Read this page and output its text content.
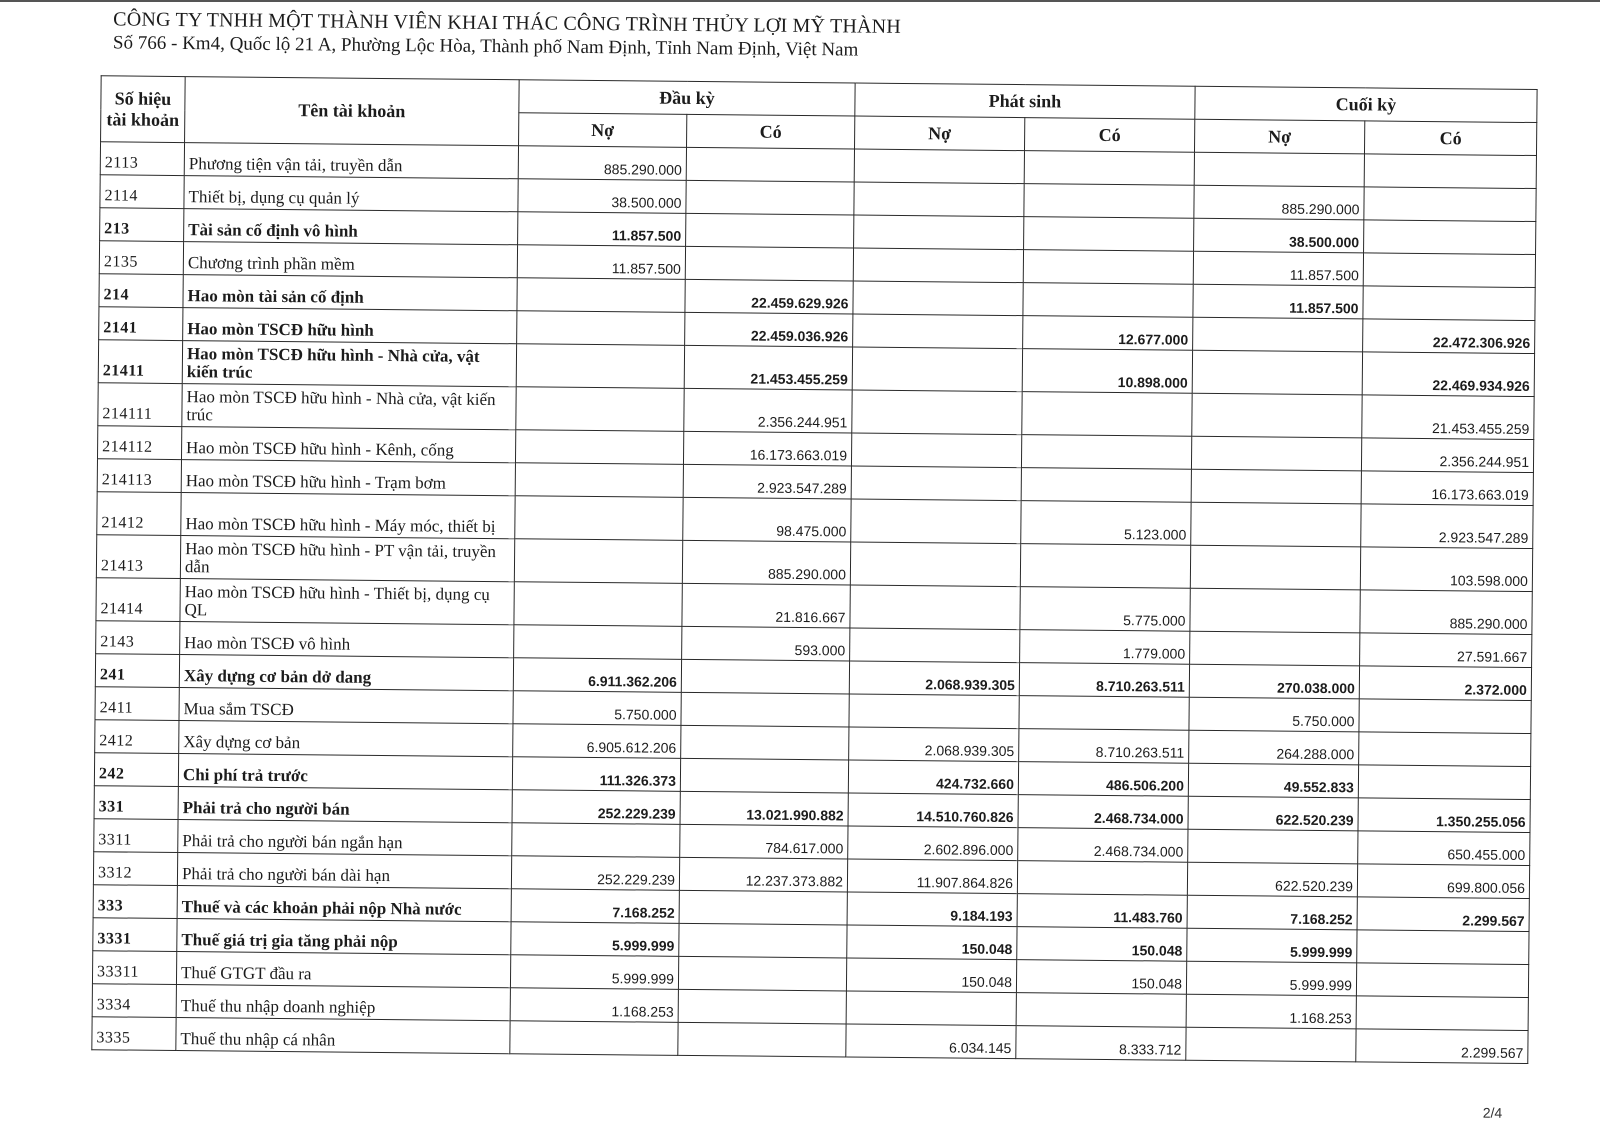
CÔNG TY TNHH MỘT THÀNH VIÊN KHAI THÁC CÔNG TRÌNH THỦY LỢI MỸ THÀNH
Số 766 - Km4, Quốc lộ 21 A, Phường Lộc Hòa, Thành phố Nam Định, Tỉnh Nam Định, Việt Nam
Số hiệu tài khoản	Tên tài khoản	Đầu kỳ		Phát sinh		Cuối kỳ	
		Nợ	Có	Nợ	Có	Nợ	Có
2113	Phương tiện vận tải, truyền dẫn	885.290.000					
2114	Thiết bị, dụng cụ quản lý	38.500.000				885.290.000	
213	Tài sản cố định vô hình	11.857.500				38.500.000	
2135	Chương trình phần mềm	11.857.500				11.857.500	
214	Hao mòn tài sản cố định		22.459.629.926			11.857.500	
2141	Hao mòn TSCĐ hữu hình		22.459.036.926		12.677.000		22.472.306.926
21411	Hao mòn TSCĐ hữu hình - Nhà cửa, vật kiến trúc		21.453.455.259		10.898.000		22.469.934.926
214111	Hao mòn TSCĐ hữu hình - Nhà cửa, vật kiến trúc		2.356.244.951				21.453.455.259
214112	Hao mòn TSCĐ hữu hình - Kênh, cống		16.173.663.019				2.356.244.951
214113	Hao mòn TSCĐ hữu hình - Trạm bơm		2.923.547.289				16.173.663.019
21412	Hao mòn TSCĐ hữu hình - Máy móc, thiết bị		98.475.000		5.123.000		2.923.547.289
21413	Hao mòn TSCĐ hữu hình - PT vận tải, truyền dẫn		885.290.000				103.598.000
21414	Hao mòn TSCĐ hữu hình - Thiết bị, dụng cụ QL		21.816.667		5.775.000		885.290.000
2143	Hao mòn TSCĐ vô hình		593.000		1.779.000		27.591.667
241	Xây dựng cơ bản dở dang	6.911.362.206		2.068.939.305	8.710.263.511	270.038.000	2.372.000
2411	Mua sắm TSCĐ	5.750.000				5.750.000	
2412	Xây dựng cơ bản	6.905.612.206		2.068.939.305	8.710.263.511	264.288.000	
242	Chi phí trả trước	111.326.373		424.732.660	486.506.200	49.552.833	
331	Phải trả cho người bán	252.229.239	13.021.990.882	14.510.760.826	2.468.734.000	622.520.239	1.350.255.056
3311	Phải trả cho người bán ngắn hạn		784.617.000	2.602.896.000	2.468.734.000		650.455.000
3312	Phải trả cho người bán dài hạn	252.229.239	12.237.373.882	11.907.864.826		622.520.239	699.800.056
333	Thuế và các khoản phải nộp Nhà nước	7.168.252		9.184.193	11.483.760	7.168.252	2.299.567
3331	Thuế giá trị gia tăng phải nộp	5.999.999		150.048	150.048	5.999.999	
33311	Thuế GTGT đầu ra	5.999.999		150.048	150.048	5.999.999	
3334	Thuế thu nhập doanh nghiệp	1.168.253				1.168.253	
3335	Thuế thu nhập cá nhân			6.034.145	8.333.712		2.299.567
2/4
